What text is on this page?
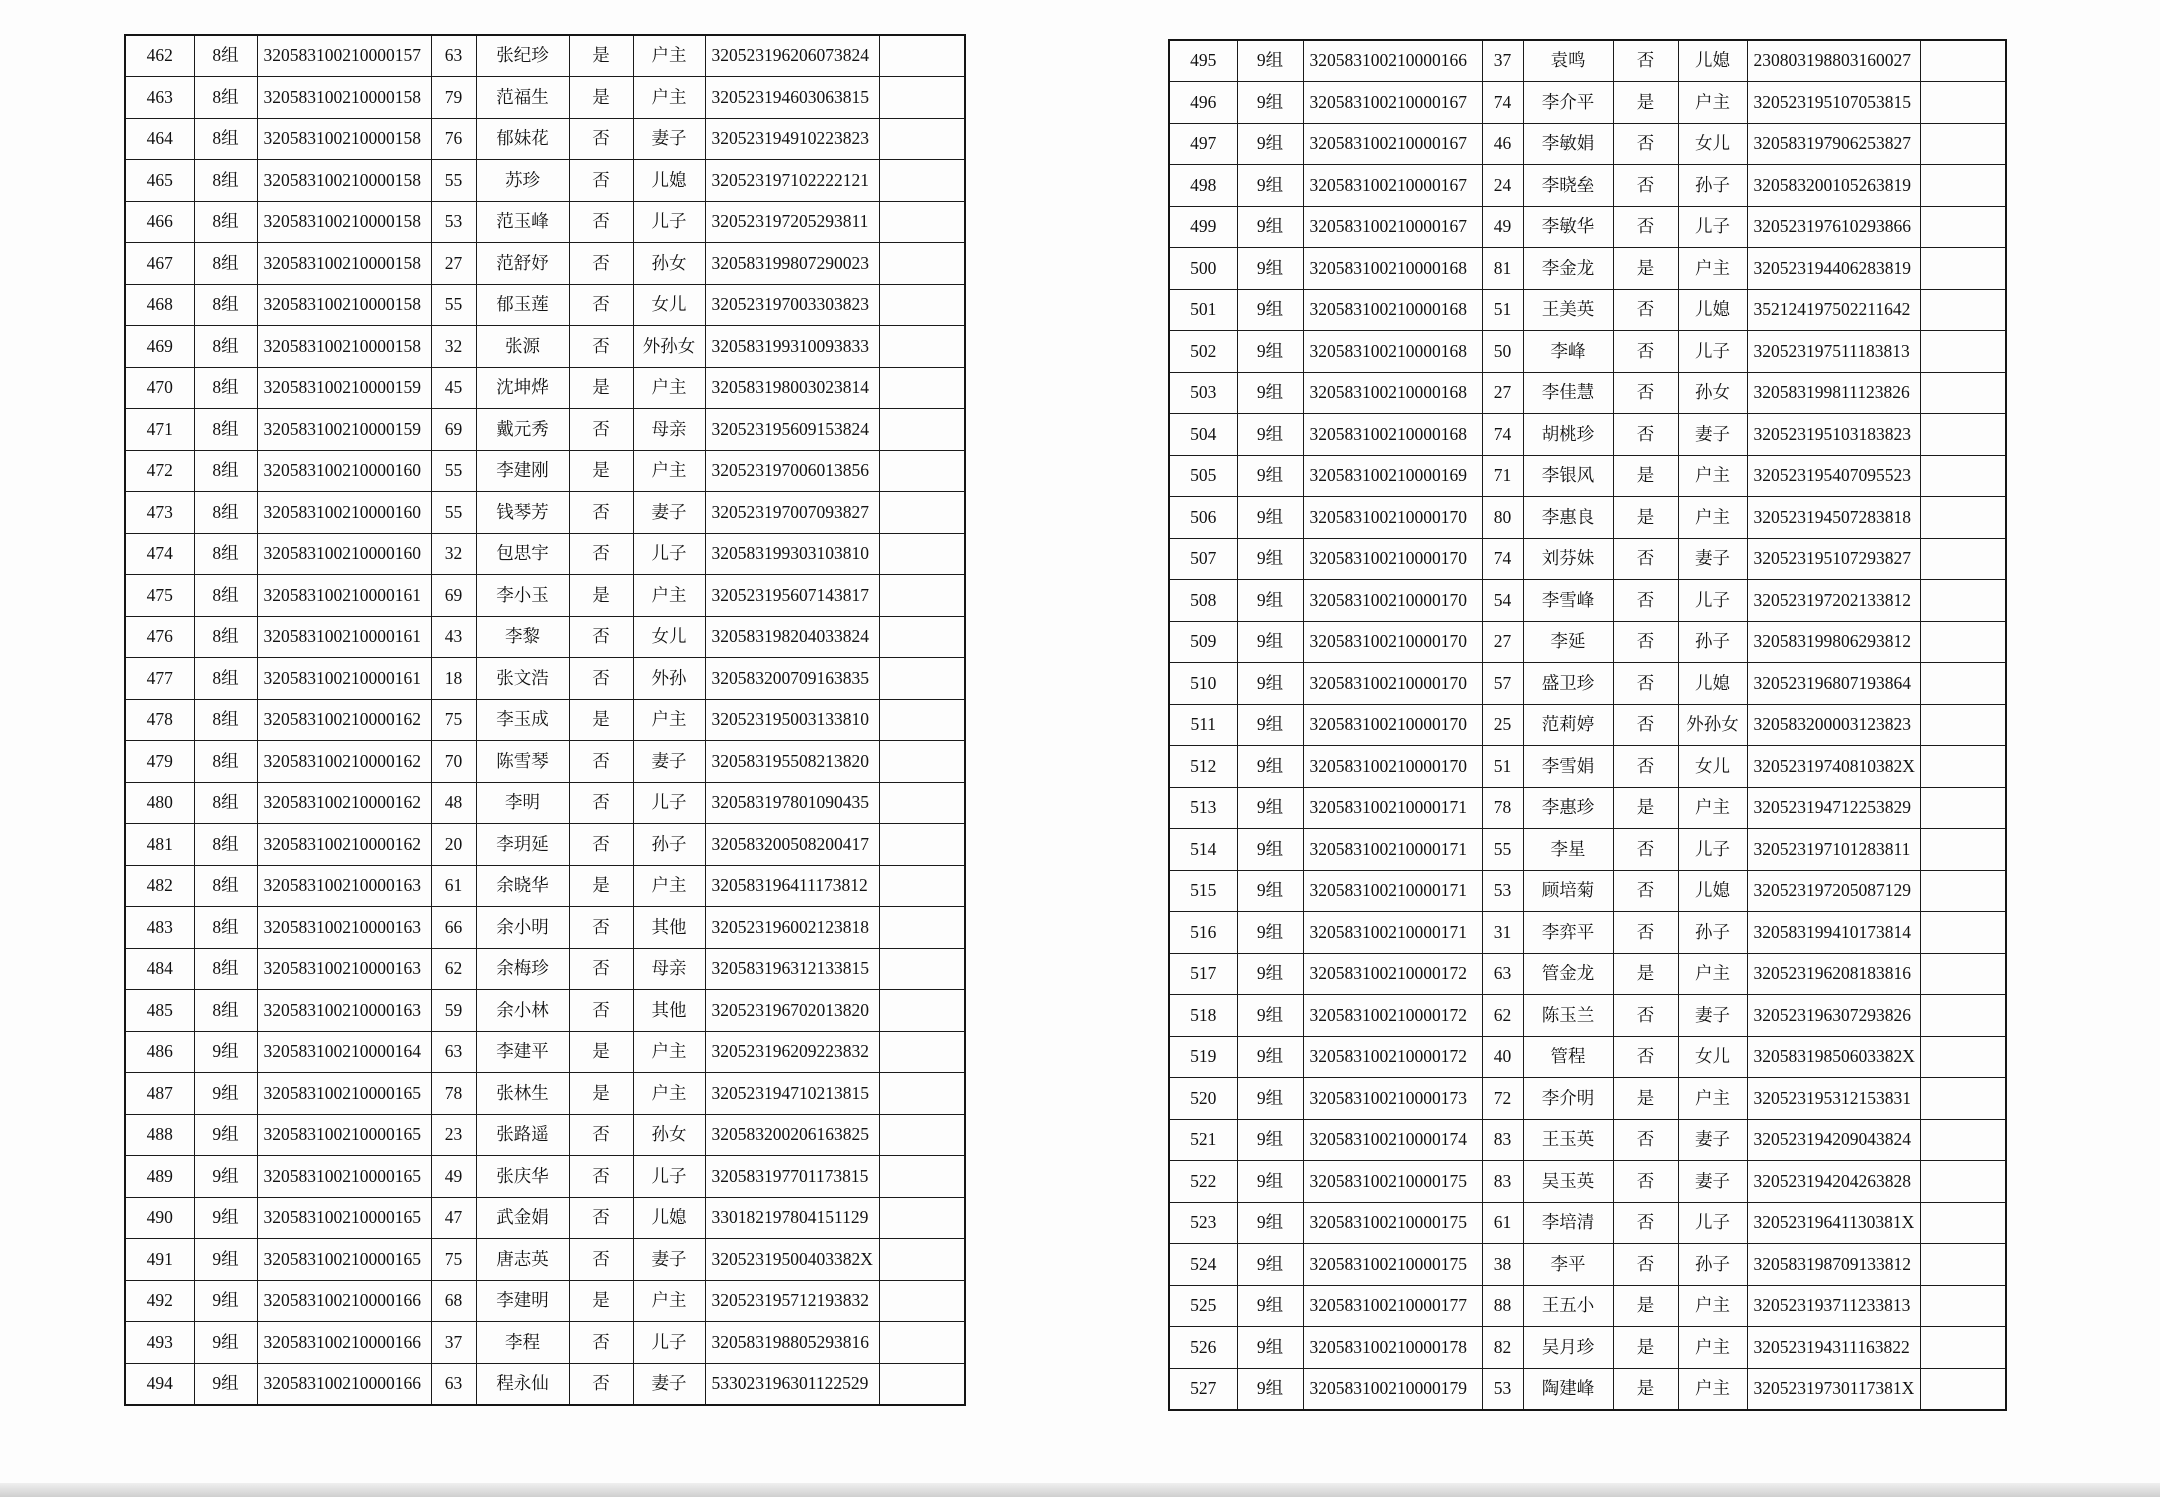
462	8组	320583100210000157	63	张纪珍	是	户主	320523196206073824	
463	8组	320583100210000158	79	范福生	是	户主	320523194603063815	
464	8组	320583100210000158	76	郁妹花	否	妻子	320523194910223823	
465	8组	320583100210000158	55	苏珍	否	儿媳	320523197102222121	
466	8组	320583100210000158	53	范玉峰	否	儿子	320523197205293811	
467	8组	320583100210000158	27	范舒妤	否	孙女	320583199807290023	
468	8组	320583100210000158	55	郁玉莲	否	女儿	320523197003303823	
469	8组	320583100210000158	32	张源	否	外孙女	320583199310093833	
470	8组	320583100210000159	45	沈坤烨	是	户主	320583198003023814	
471	8组	320583100210000159	69	戴元秀	否	母亲	320523195609153824	
472	8组	320583100210000160	55	李建刚	是	户主	320523197006013856	
473	8组	320583100210000160	55	钱琴芳	否	妻子	320523197007093827	
474	8组	320583100210000160	32	包思宇	否	儿子	320583199303103810	
475	8组	320583100210000161	69	李小玉	是	户主	320523195607143817	
476	8组	320583100210000161	43	李黎	否	女儿	320583198204033824	
477	8组	320583100210000161	18	张文浩	否	外孙	320583200709163835	
478	8组	320583100210000162	75	李玉成	是	户主	320523195003133810	
479	8组	320583100210000162	70	陈雪琴	否	妻子	320583195508213820	
480	8组	320583100210000162	48	李明	否	儿子	320583197801090435	
481	8组	320583100210000162	20	李玥延	否	孙子	320583200508200417	
482	8组	320583100210000163	61	余晓华	是	户主	320583196411173812	
483	8组	320583100210000163	66	余小明	否	其他	320523196002123818	
484	8组	320583100210000163	62	余梅珍	否	母亲	320583196312133815	
485	8组	320583100210000163	59	余小林	否	其他	320523196702013820	
486	9组	320583100210000164	63	李建平	是	户主	320523196209223832	
487	9组	320583100210000165	78	张林生	是	户主	320523194710213815	
488	9组	320583100210000165	23	张路遥	否	孙女	320583200206163825	
489	9组	320583100210000165	49	张庆华	否	儿子	320583197701173815	
490	9组	320583100210000165	47	武金娟	否	儿媳	330182197804151129	
491	9组	320583100210000165	75	唐志英	否	妻子	32052319500403382X	
492	9组	320583100210000166	68	李建明	是	户主	320523195712193832	
493	9组	320583100210000166	37	李程	否	儿子	320583198805293816	
494	9组	320583100210000166	63	程永仙	否	妻子	533023196301122529	
495	9组	320583100210000166	37	袁鸣	否	儿媳	230803198803160027	
496	9组	320583100210000167	74	李介平	是	户主	320523195107053815	
497	9组	320583100210000167	46	李敏娟	否	女儿	320583197906253827	
498	9组	320583100210000167	24	李晓垒	否	孙子	320583200105263819	
499	9组	320583100210000167	49	李敏华	否	儿子	320523197610293866	
500	9组	320583100210000168	81	李金龙	是	户主	320523194406283819	
501	9组	320583100210000168	51	王美英	否	儿媳	352124197502211642	
502	9组	320583100210000168	50	李峰	否	儿子	320523197511183813	
503	9组	320583100210000168	27	李佳慧	否	孙女	320583199811123826	
504	9组	320583100210000168	74	胡桃珍	否	妻子	320523195103183823	
505	9组	320583100210000169	71	李银风	是	户主	320523195407095523	
506	9组	320583100210000170	80	李惠良	是	户主	320523194507283818	
507	9组	320583100210000170	74	刘芬妹	否	妻子	320523195107293827	
508	9组	320583100210000170	54	李雪峰	否	儿子	320523197202133812	
509	9组	320583100210000170	27	李延	否	孙子	320583199806293812	
510	9组	320583100210000170	57	盛卫珍	否	儿媳	320523196807193864	
511	9组	320583100210000170	25	范莉婷	否	外孙女	320583200003123823	
512	9组	320583100210000170	51	李雪娟	否	女儿	32052319740810382X	
513	9组	320583100210000171	78	李惠珍	是	户主	320523194712253829	
514	9组	320583100210000171	55	李星	否	儿子	320523197101283811	
515	9组	320583100210000171	53	顾培菊	否	儿媳	320523197205087129	
516	9组	320583100210000171	31	李弈平	否	孙子	320583199410173814	
517	9组	320583100210000172	63	管金龙	是	户主	320523196208183816	
518	9组	320583100210000172	62	陈玉兰	否	妻子	320523196307293826	
519	9组	320583100210000172	40	管程	否	女儿	32058319850603382X	
520	9组	320583100210000173	72	李介明	是	户主	320523195312153831	
521	9组	320583100210000174	83	王玉英	否	妻子	320523194209043824	
522	9组	320583100210000175	83	吴玉英	否	妻子	320523194204263828	
523	9组	320583100210000175	61	李培清	否	儿子	32052319641130381X	
524	9组	320583100210000175	38	李平	否	孙子	320583198709133812	
525	9组	320583100210000177	88	王五小	是	户主	320523193711233813	
526	9组	320583100210000178	82	吴月珍	是	户主	320523194311163822	
527	9组	320583100210000179	53	陶建峰	是	户主	32052319730117381X	
